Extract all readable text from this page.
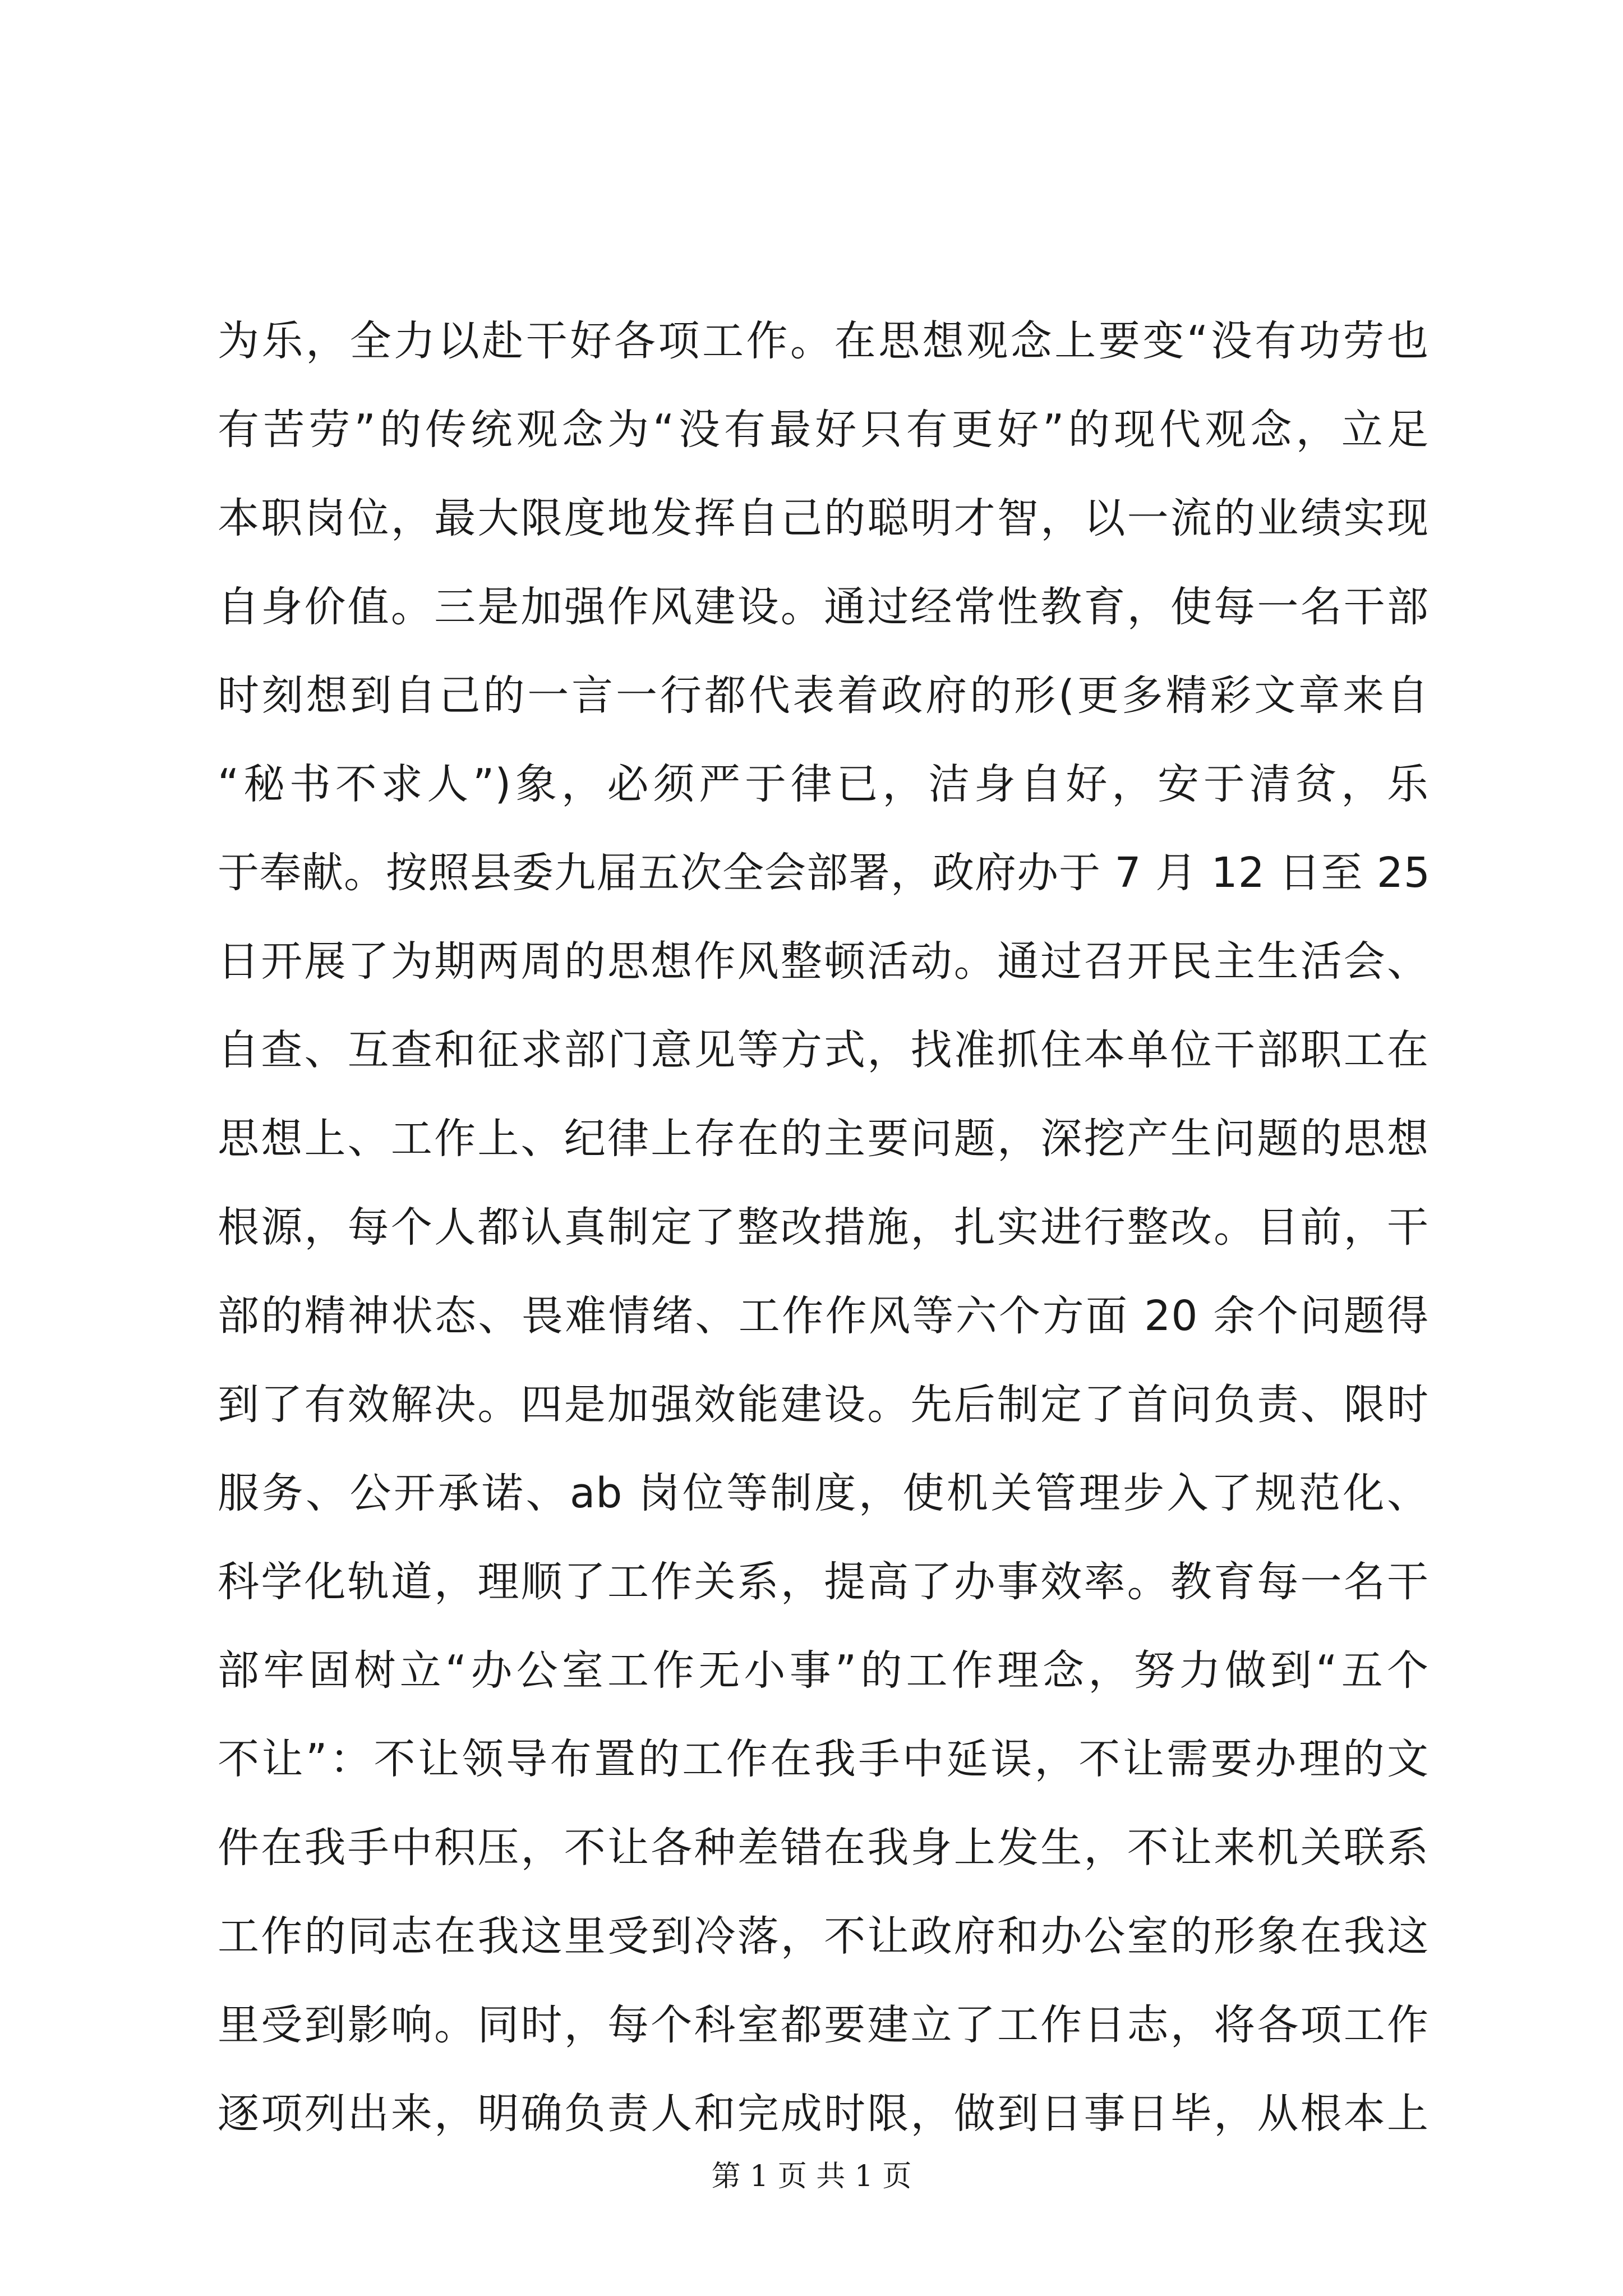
为乐，全力以赴干好各项工作。在思想观念上要变“没有功劳也

有苦劳”的传统观念为“没有最好只有更好”的现代观念，立足

本职岗位，最大限度地发挥自己的聪明才智，以一流的业绩实现

自身价值。三是加强作风建设。通过经常性教育，使每一名干部

时刻想到自己的一言一行都代表着政府的形(更多精彩文章来自

“秘书不求人”)象，必须严于律已，洁身自好，安于清贫，乐

于奉献。按照县委九届五次全会部署，政府办于 7 月 12 日至 25

日开展了为期两周的思想作风整顿活动。通过召开民主生活会、

自查、互查和征求部门意见等方式，找准抓住本单位干部职工在

思想上、工作上、纪律上存在的主要问题，深挖产生问题的思想

根源，每个人都认真制定了整改措施，扎实进行整改。目前，干

部的精神状态、畏难情绪、工作作风等六个方面 20 余个问题得

到了有效解决。四是加强效能建设。先后制定了首问负责、限时

服务、公开承诺、ab 岗位等制度，使机关管理步入了规范化、

科学化轨道，理顺了工作关系，提高了办事效率。教育每一名干

部牢固树立“办公室工作无小事”的工作理念，努力做到“五个

不让”：不让领导布置的工作在我手中延误，不让需要办理的文

件在我手中积压，不让各种差错在我身上发生，不让来机关联系

工作的同志在我这里受到冷落，不让政府和办公室的形象在我这

里受到影响。同时，每个科室都要建立了工作日志，将各项工作

逐项列出来，明确负责人和完成时限，做到日事日毕，从根本上

第 1 页 共 1 页
